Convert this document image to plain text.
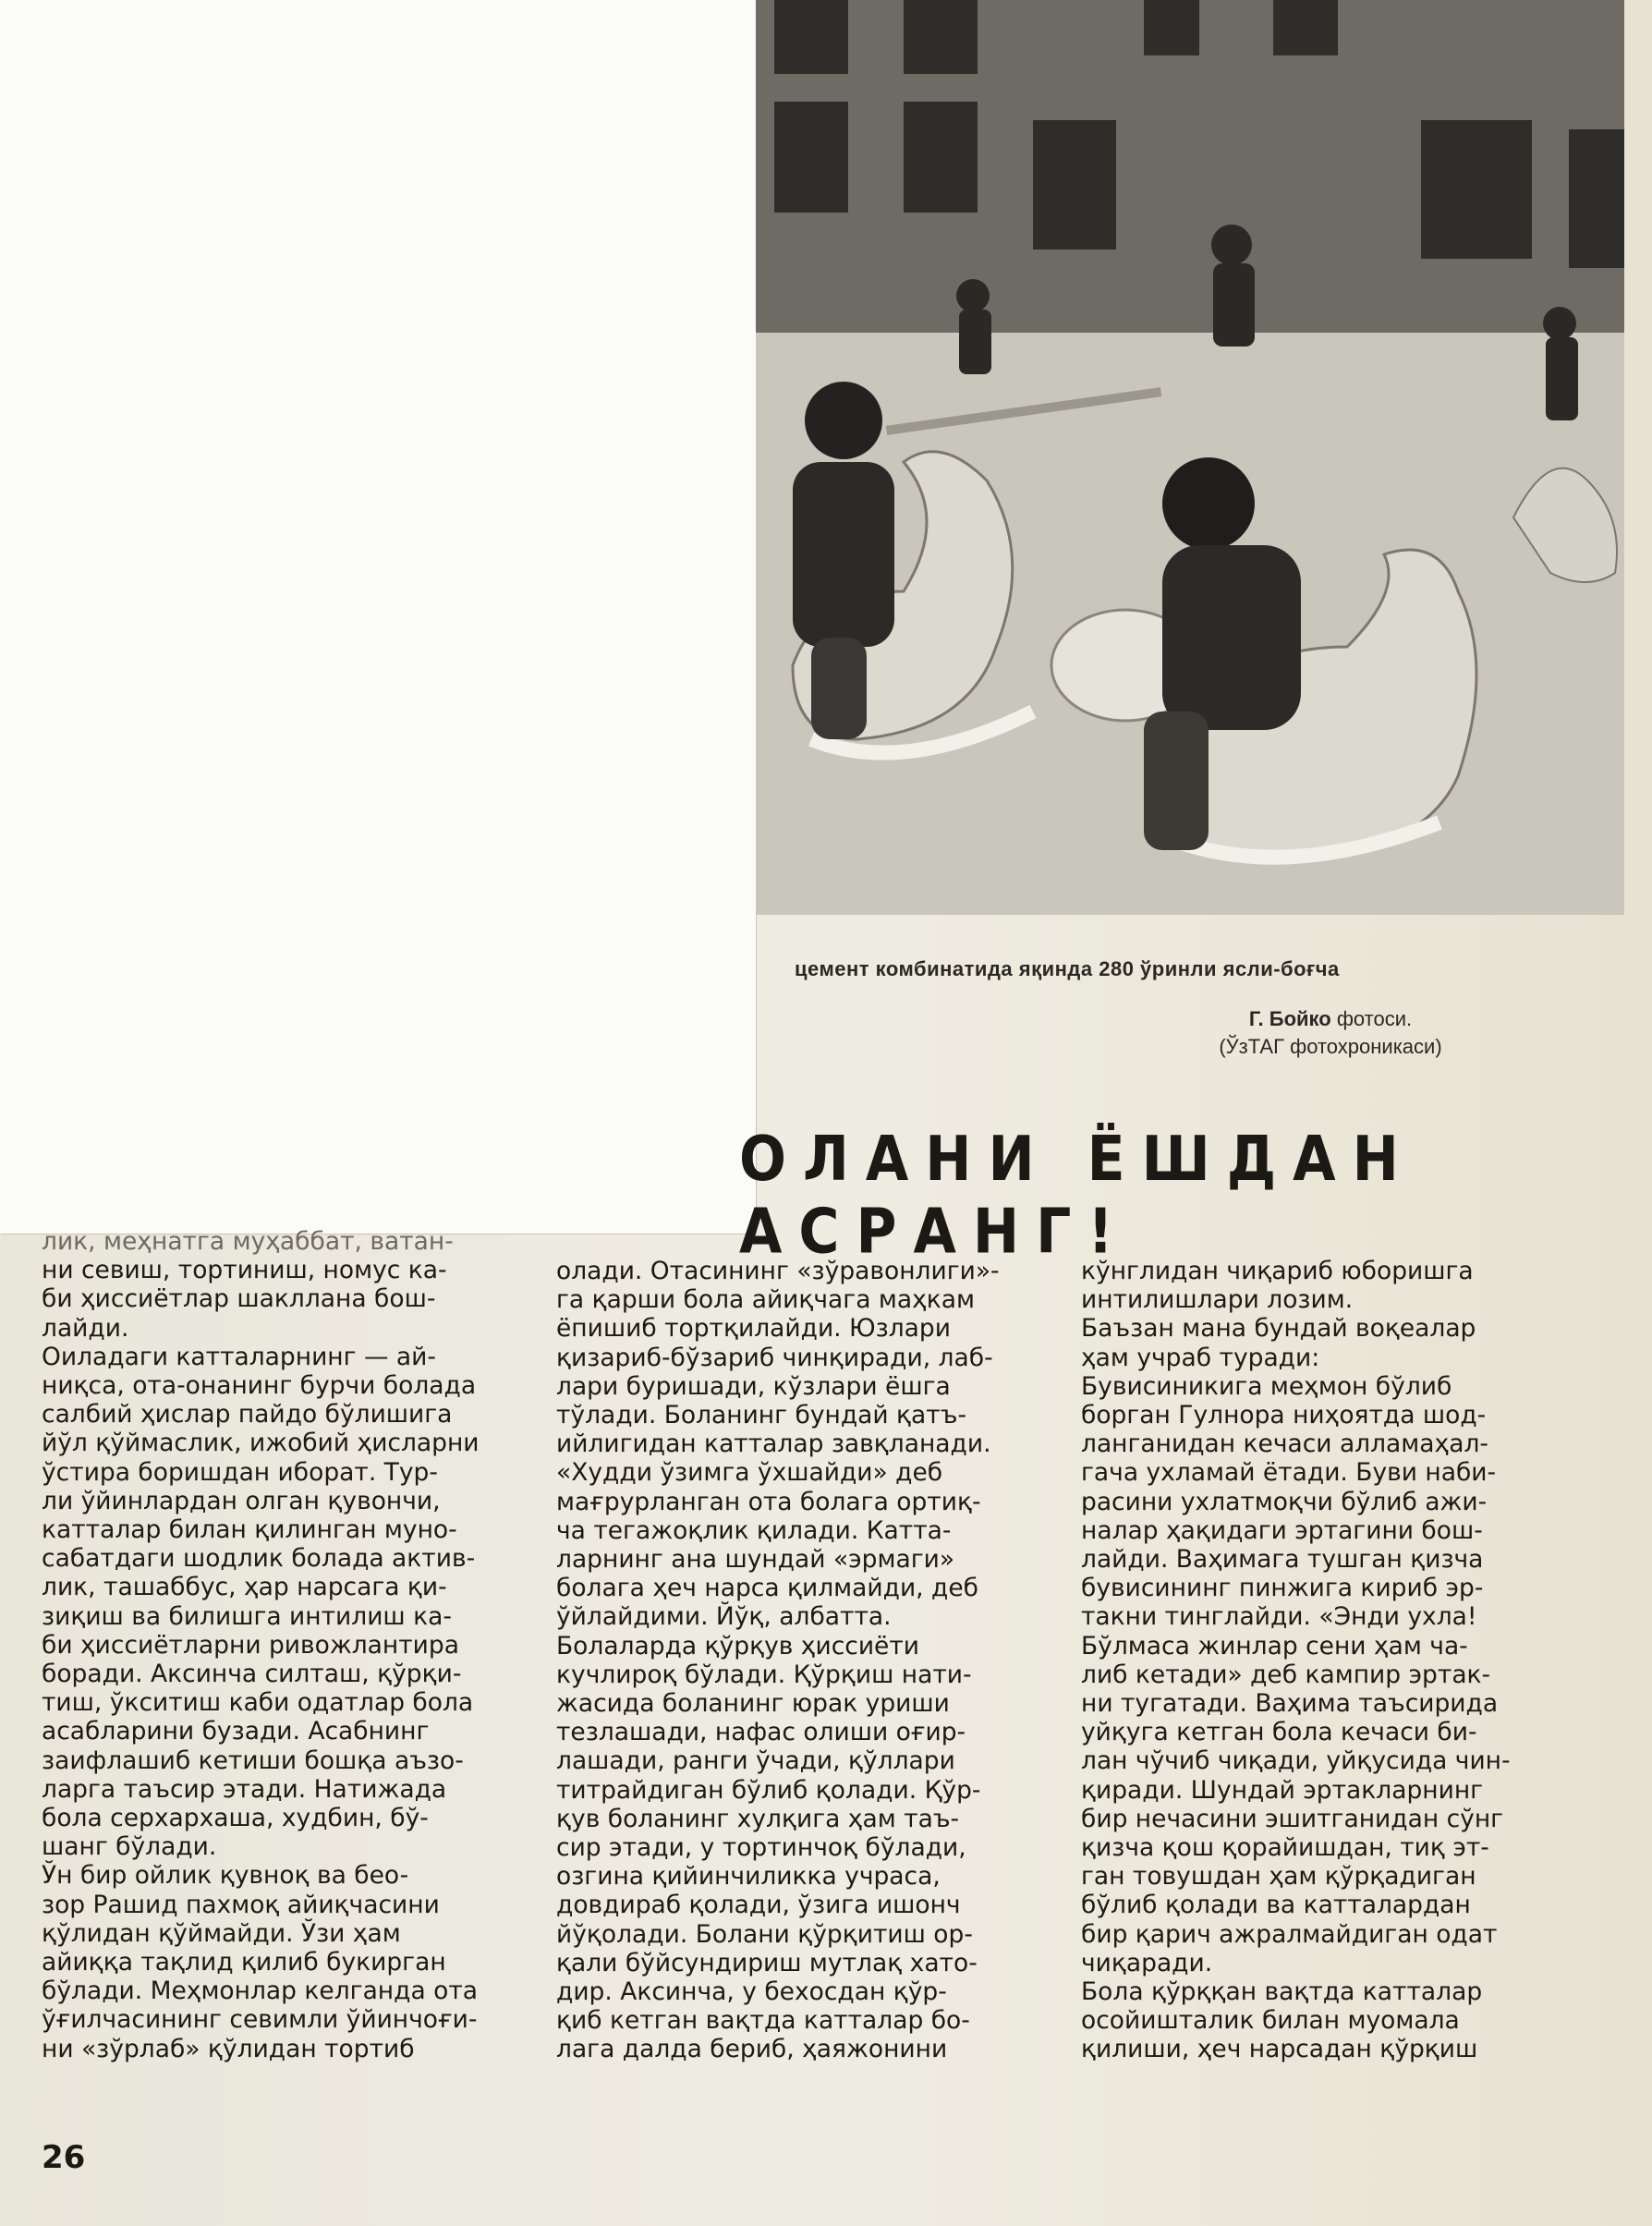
цемент комбинатида яқинда 280 ўринли ясли-боғча
Г. Бойко фотоси.
(ЎзТАГ фотохроникаси)
ОЛАНИ ЁШДАН АСРАНГ!

лик, меҳнатга муҳаббат, ватан-

ни севиш, тортиниш, номус ка-

би ҳиссиётлар шаклланa бош-

лайди.

Оиладаги катталарнинг — ай-

ниқса, ота-онанинг бурчи болада

салбий ҳислар пайдо бўлишига

йўл қўймаслик, ижобий ҳисларни

ўстира боришдан иборат. Тур-

ли ўйинлардан олган қувончи,

катталар билан қилинган муно-

сабатдаги шодлик болада актив-

лик, ташаббус, ҳар нарсага қи-

зиқиш ва билишга интилиш ка-

би ҳиссиётларни ривожлантира

боради. Аксинча силташ, қўрқи-

тиш, ўкситиш каби одатлар бола

асабларини бузади. Асабнинг

заифлашиб кетиши бошқа аъзо-

ларга таъсир этади. Натижада

бола серхархаша, худбин, бў-

шанг бўлади.

Ўн бир ойлик қувноқ ва беo-

зор Рашид пахмоқ айиқчасини

қўлидан қўймайди. Ўзи ҳам

айиққа тақлид қилиб букирган

бўлади. Меҳмонлар келганда ота

ўғилчасининг севимли ўйинчоғи-

ни «зўрлаб» қўлидан тортиб

олади. Отасининг «зўравонлиги»-

га қарши бола айиқчага маҳкам

ёпишиб тортқилайди. Юзлари

қизариб-бўзариб чинқиради, лаб-

лари буришади, кўзлари ёшга

тўлади. Боланинг бундай қатъ-

ийлигидан катталар завқланади.

«Худди ўзимга ўхшайди» деб

мағрурланган ота болага ортиқ-

ча тегажоқлик қилади. Катта-

ларнинг ана шундай «эрмаги»

болага ҳеч нарса қилмайди, деб

ўйлайдими. Йўқ, албатта.

Болаларда қўрқув ҳиссиёти

кучлироқ бўлади. Қўрқиш нати-

жасида боланинг юрак уриши

тезлашади, нафас олиши оғир-

лашади, ранги ўчади, қўллари

титрайдиган бўлиб қолади. Қўр-

қув боланинг хулқига ҳам таъ-

сир этади, у тортинчоқ бўлади,

озгина қийинчиликка учраса,

довдираб қолади, ўзига ишонч

йўқолади. Болани қўрқитиш ор-

қали бўйсундириш мутлақ хато-

дир. Аксинча, у бехосдан қўр-

қиб кетган вақтда катталар бо-

лага далда бериб, ҳаяжонини

кўнглидан чиқариб юборишга

интилишлари лозим.

Баъзан мана бундай воқеалар

ҳам учраб туради:

Бувисиникига меҳмон бўлиб

борган Гулнора ниҳоятда шод-

ланганидан кечаси алламаҳал-

гача ухламай ётади. Буви наби-

расини ухлатмоқчи бўлиб ажи-

налар ҳақидаги эртагини бош-

лайди. Ваҳимага тушган қизча

бувисининг пинжига кириб эр-

такни тинглайди. «Энди ухла!

Бўлмаса жинлар сени ҳам ча-

либ кетади» деб кампир эртак-

ни тугатади. Ваҳима таъсирида

уйқуга кетган бола кечаси би-

лан чўчиб чиқади, уйқусида чин-

қиради. Шундай эртакларнинг

бир нечасини эшитганидан сўнг

қизча қош қорайишдан, тиқ эт-

ган товушдан ҳам қўрқадиган

бўлиб қолади ва катталардан

бир қарич ажралмайдиган одат

чиқаради.

Бола қўрққан вақтда катталар

осойишталик билан муомала

қилиши, ҳеч нарсадан қўрқиш

26
